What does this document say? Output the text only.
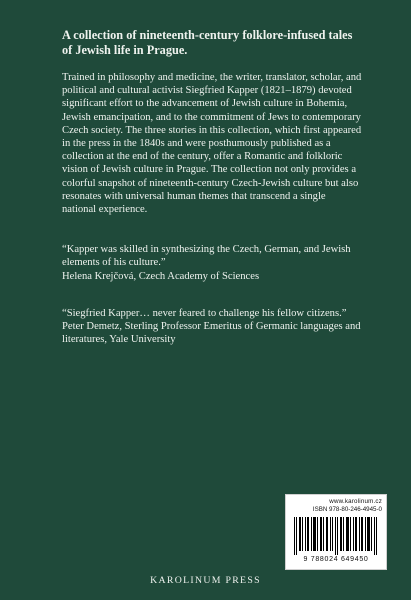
A collection of nineteenth-century folklore-infused tales of Jewish life in Prague.

Trained in philosophy and medicine, the writer, translator, scholar, and political and cultural activist Siegfried Kapper (1821–1879) devoted significant effort to the advancement of Jewish culture in Bohemia, Jewish emancipation, and to the commitment of Jews to contemporary Czech society. The three stories in this collection, which first appeared in the press in the 1840s and were posthumously published as a collection at the end of the century, offer a Romantic and folkloric vision of Jewish culture in Prague. The collection not only provides a colorful snapshot of nineteenth-century Czech-Jewish culture but also resonates with universal human themes that transcend a single national experience.

“Kapper was skilled in synthesizing the Czech, German, and Jewish elements of his culture.”

Helena Krejčová, Czech Academy of Sciences

“Siegfried Kapper… never feared to challenge his fellow citizens.”

Peter Demetz, Sterling Professor Emeritus of Germanic languages and literatures, Yale University

www.karolinum.cz
ISBN 978-80-246-4945-0
9 788024 649450
KAROLINUM PRESS
